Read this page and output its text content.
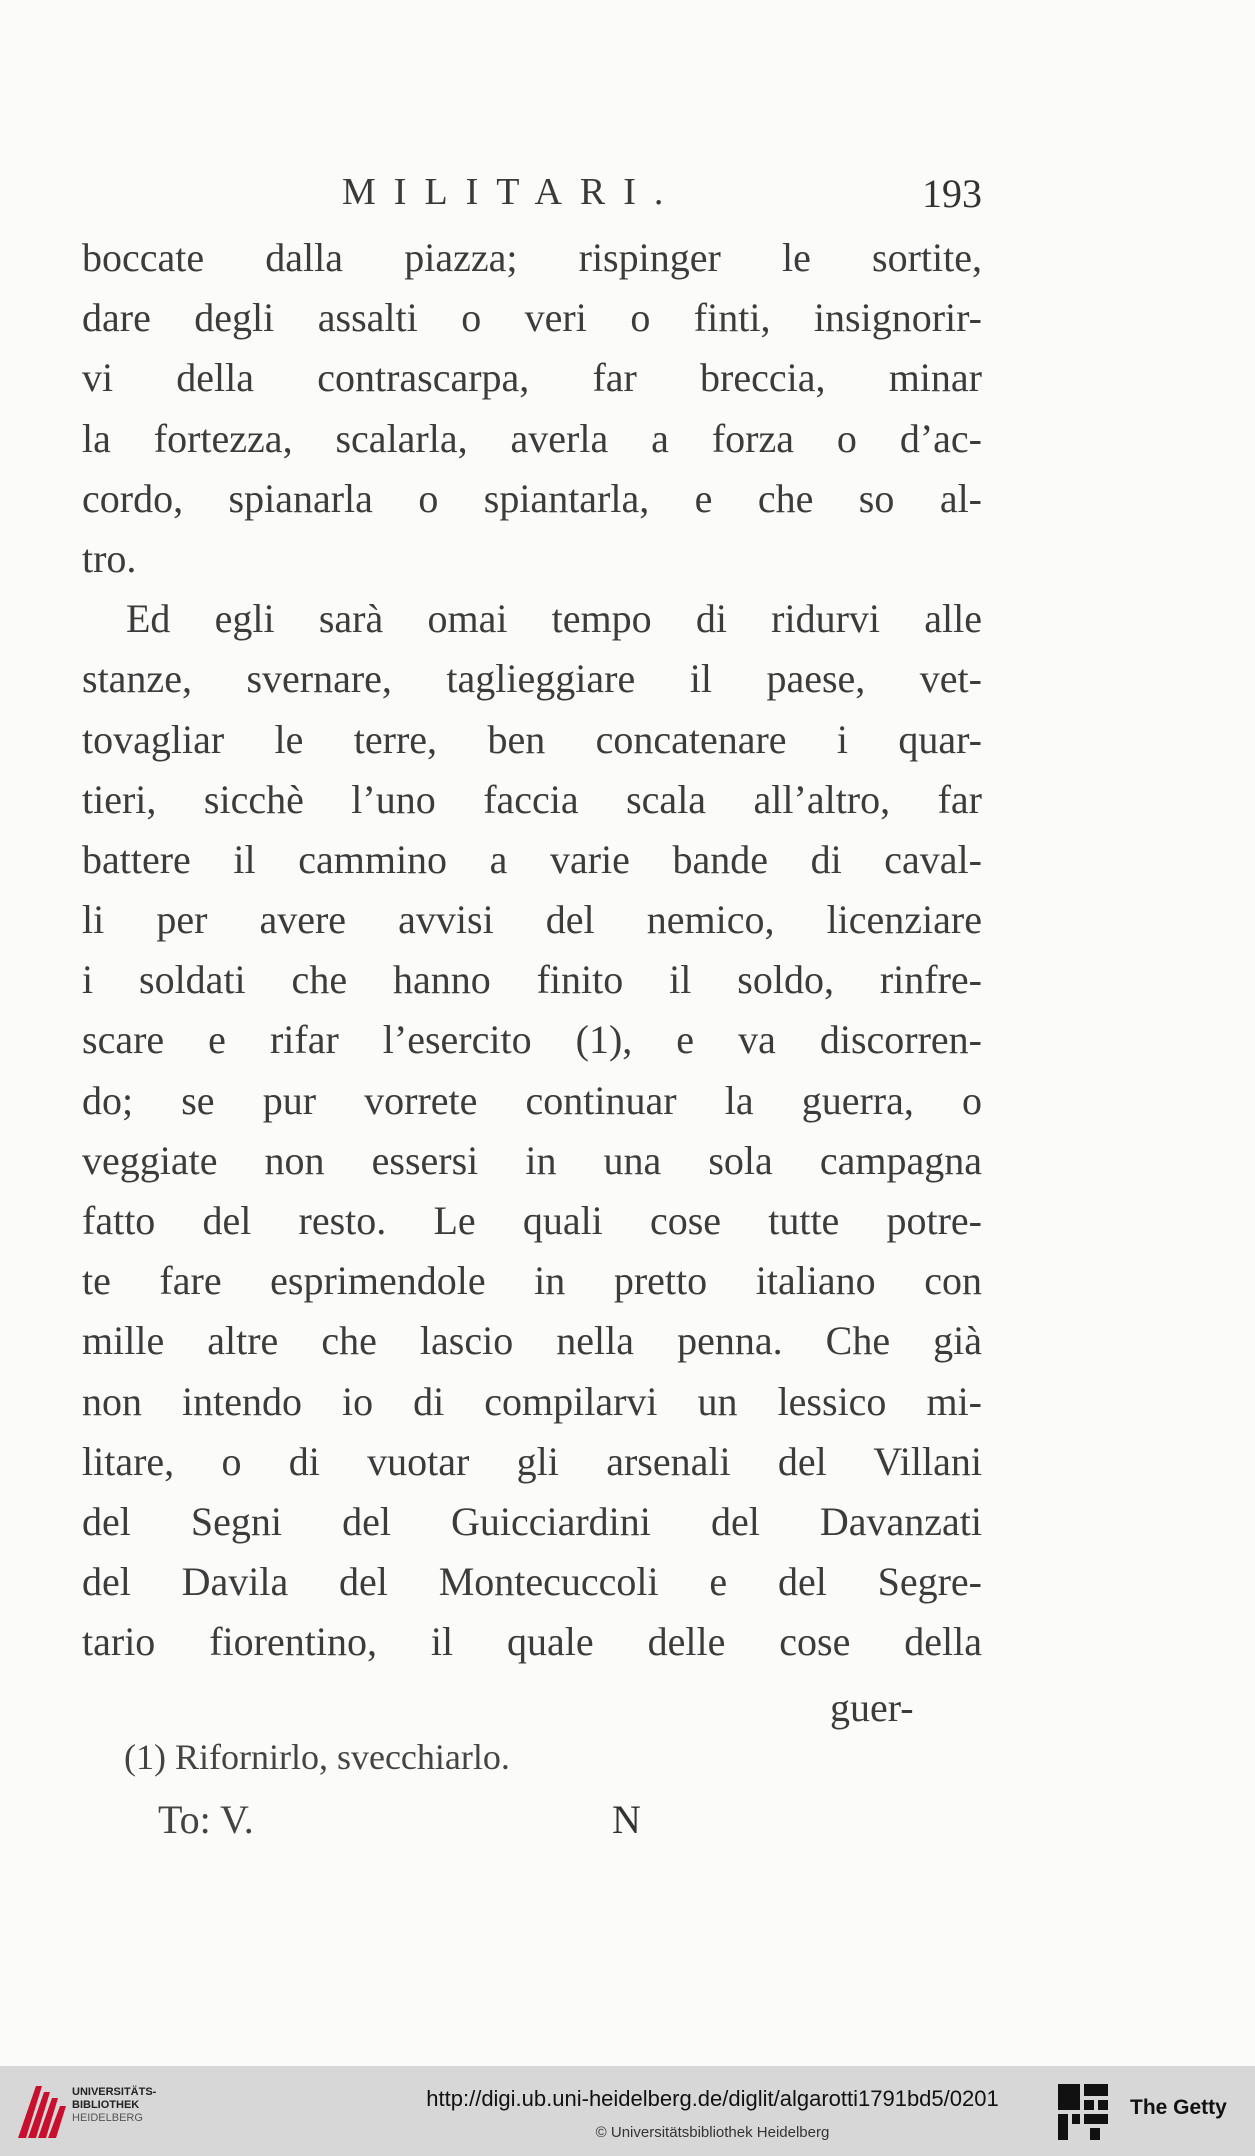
MILITARI.	193
boccate dalla piazza; rispinger le sortite,
dare degli assalti o veri o finti, insignorir-
vi della contrascarpa, far breccia, minar
la fortezza, scalarla, averla a forza o d’ac-
cordo, spianarla o spiantarla, e che so al-
tro.
Ed egli sarà omai tempo di ridurvi alle
stanze, svernare, taglieggiare il paese, vet-
tovagliar le terre, ben concatenare i quar-
tieri, sicchè l’uno faccia scala all’altro, far
battere il cammino a varie bande di caval-
li per avere avvisi del nemico, licenziare
i soldati che hanno finito il soldo, rinfre-
scare e rifar l’esercito (1), e va discorren-
do; se pur vorrete continuar la guerra, o
veggiate non essersi in una sola campagna
fatto del resto. Le quali cose tutte potre-
te fare esprimendole in pretto italiano con
mille altre che lascio nella penna. Che già
non intendo io di compilarvi un lessico mi-
litare, o di vuotar gli arsenali del Villani
del Segni del Guicciardini del Davanzati
del Davila del Montecuccoli e del Segre-
tario fiorentino, il quale delle cose della
guer-
(1) Rifornirlo, svecchiarlo.
To: V.	N
UNIVERSITÄTS-
BIBLIOTHEK
HEIDELBERG
http://digi.ub.uni-heidelberg.de/diglit/algarotti1791bd5/0201
© Universitätsbibliothek Heidelberg
The Getty
